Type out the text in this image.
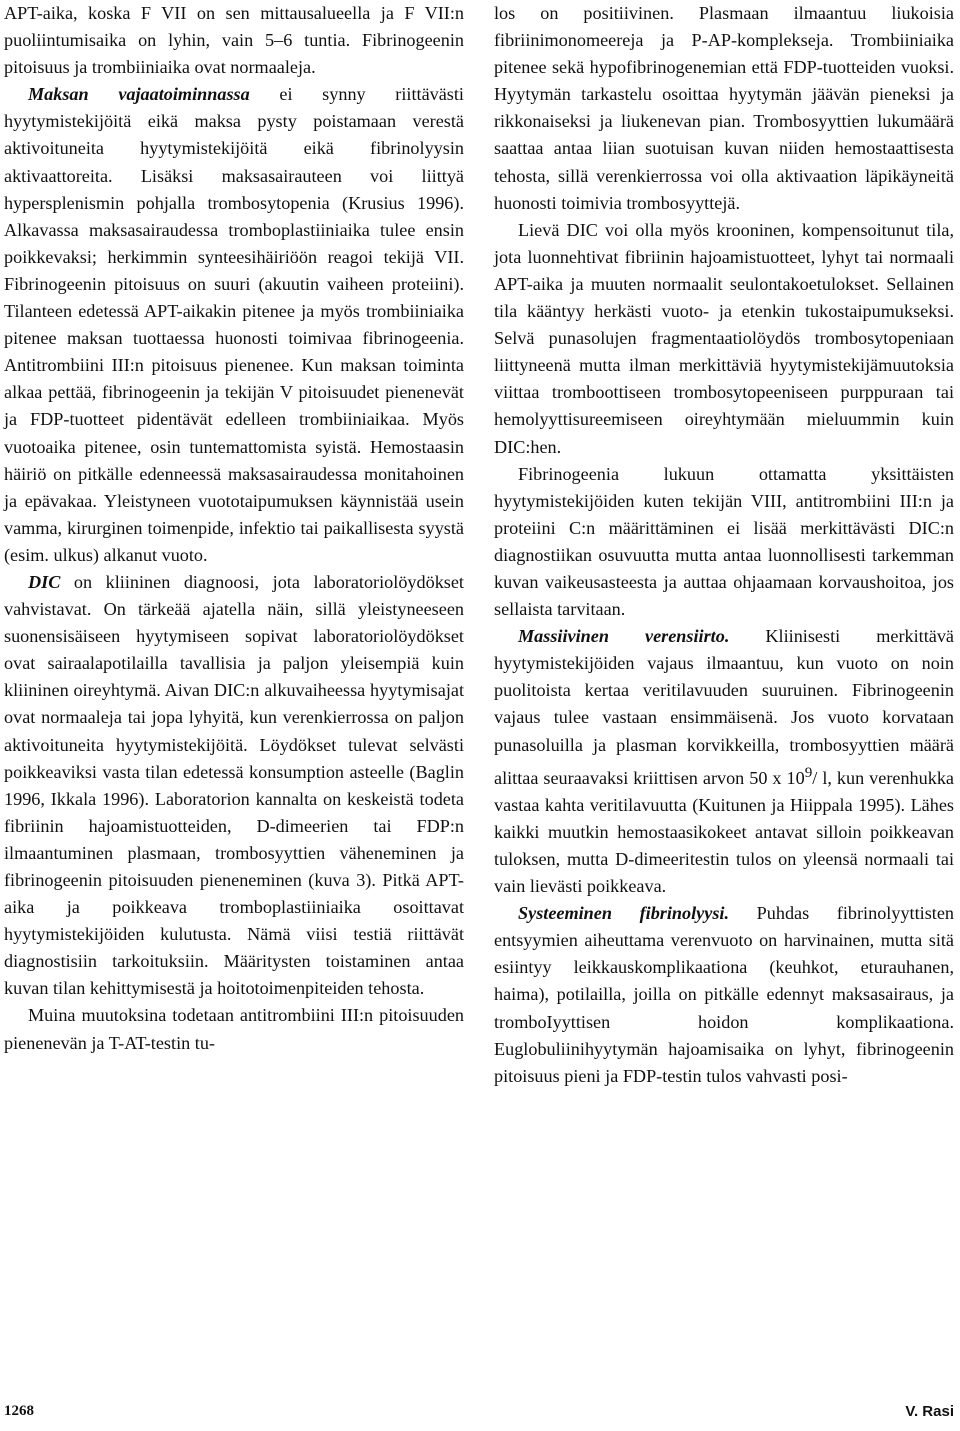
APT-aika, koska F VII on sen mittausalueella ja F VII:n puoliintumisaika on lyhin, vain 5–6 tuntia. Fibrinogeenin pitoisuus ja trombiiniaika ovat normaaleja.

Maksan vajaatoiminnassa ei synny riittävästi hyytymistekijöitä eikä maksa pysty poistamaan verestä aktivoituneita hyytymistekijöitä eikä fibrinolyysin aktivaattoreita. Lisäksi maksasairauteen voi liittyä hypersplenismin pohjalla trombosytopenia (Krusius 1996). Alkavassa maksasairaudessa tromboplastiiniaika tulee ensin poikkevaksi; herkimmin synteesihäiriöön reagoi tekijä VII. Fibrinogeenin pitoisuus on suuri (akuutin vaiheen proteiini). Tilanteen edetessä APT-aikakin pitenee ja myös trombiiniaika pitenee maksan tuottaessa huonosti toimivaa fibrinogeenia. Antitrombiini III:n pitoisuus pienenee. Kun maksan toiminta alkaa pettää, fibrinogeenin ja tekijän V pitoisuudet pienenevät ja FDP-tuotteet pidentävät edelleen trombiiniaikaa. Myös vuotoaika pitenee, osin tuntemattomista syistä. Hemostaasin häiriö on pitkälle edenneessä maksasairaudessa monitahoinen ja epävakaa. Yleistyneen vuototaipumuksen käynnistää usein vamma, kirurginen toimenpide, infektio tai paikallisesta syystä (esim. ulkus) alkanut vuoto.

DIC on kliininen diagnoosi, jota laboratoriolöydökset vahvistavat. On tärkeää ajatella näin, sillä yleistyneeseen suonensisäiseen hyytymiseen sopivat laboratoriolöydökset ovat sairaalapotilailla tavallisia ja paljon yleisempiä kuin kliininen oireyhtymä. Aivan DIC:n alkuvaiheessa hyytymisajat ovat normaaleja tai jopa lyhyitä, kun verenkierrossa on paljon aktivoituneita hyytymistekijöitä. Löydökset tulevat selvästi poikkeaviksi vasta tilan edetessä konsumption asteelle (Baglin 1996, Ikkala 1996). Laboratorion kannalta on keskeistä todeta fibriinin hajoamistuotteiden, D-dimeerien tai FDP:n ilmaantuminen plasmaan, trombosyyttien väheneminen ja fibrinogeenin pitoisuuden pieneneminen (kuva 3). Pitkä APT-aika ja poikkeava tromboplastiiniaika osoittavat hyytymistekijöiden kulutusta. Nämä viisi testiä riittävät diagnostisiin tarkoituksiin. Määritysten toistaminen antaa kuvan tilan kehittymisestä ja hoitotoimenpiteiden tehosta.

Muina muutoksina todetaan antitrombiini III:n pitoisuuden pienenevän ja T-AT-testin tu-

los on positiivinen. Plasmaan ilmaantuu liukoisia fibriinimonomeereja ja P-AP-komplekseja. Trombiiniaika pitenee sekä hypofibrinogenemian että FDP-tuotteiden vuoksi. Hyytymän tarkastelu osoittaa hyytymän jäävän pieneksi ja rikkonaiseksi ja liukenevan pian. Trombosyyttien lukumäärä saattaa antaa liian suotuisan kuvan niiden hemostaattisesta tehosta, sillä verenkierrossa voi olla aktivaation läpikäyneitä huonosti toimivia trombosyyttejä.

Lievä DIC voi olla myös krooninen, kompensoitunut tila, jota luonnehtivat fibriinin hajoamistuotteet, lyhyt tai normaali APT-aika ja muuten normaalit seulontakoetulokset. Sellainen tila kääntyy herkästi vuoto- ja etenkin tukostaipumukseksi. Selvä punasolujen fragmentaatiolöydös trombosytopeniaan liittyneenä mutta ilman merkittäviä hyytymistekijämuutoksia viittaa tromboottiseen trombosytopeeniseen purppuraan tai hemolyyttisureemiseen oireyhtymään mieluummin kuin DIC:hen.

Fibrinogeenia lukuun ottamatta yksittäisten hyytymistekijöiden kuten tekijän VIII, antitrombiini III:n ja proteiini C:n määrittäminen ei lisää merkittävästi DIC:n diagnostiikan osuvuutta mutta antaa luonnollisesti tarkemman kuvan vaikeusasteesta ja auttaa ohjaamaan korvaushoitoa, jos sellaista tarvitaan.

Massiivinen verensiirto. Kliinisesti merkittävä hyytymistekijöiden vajaus ilmaantuu, kun vuoto on noin puolitoista kertaa veritilavuuden suuruinen. Fibrinogeenin vajaus tulee vastaan ensimmäisenä. Jos vuoto korvataan punasoluilla ja plasman korvikkeilla, trombosyyttien määrä alittaa seuraavaksi kriittisen arvon 50 x $10^9/$ l, kun verenhukka vastaa kahta veritilavuutta (Kuitunen ja Hiippala 1995). Lähes kaikki muutkin hemostaasikokeet antavat silloin poikkeavan tuloksen, mutta D-dimeeritestin tulos on yleensä normaali tai vain lievästi poikkeava.

Systeeminen fibrinolyysi. Puhdas fibrinolyyttisten entsyymien aiheuttama verenvuoto on harvinainen, mutta sitä esiintyy leikkauskomplikaationa (keuhkot, eturauhanen, haima), potilailla, joilla on pitkälle edennyt maksasairaus, ja tromboIyyttisen hoidon komplikaationa. Euglobuliinihyytymän hajoamisaika on lyhyt, fibrinogeenin pitoisuus pieni ja FDP-testin tulos vahvasti posi-

1268	V. Rasi
